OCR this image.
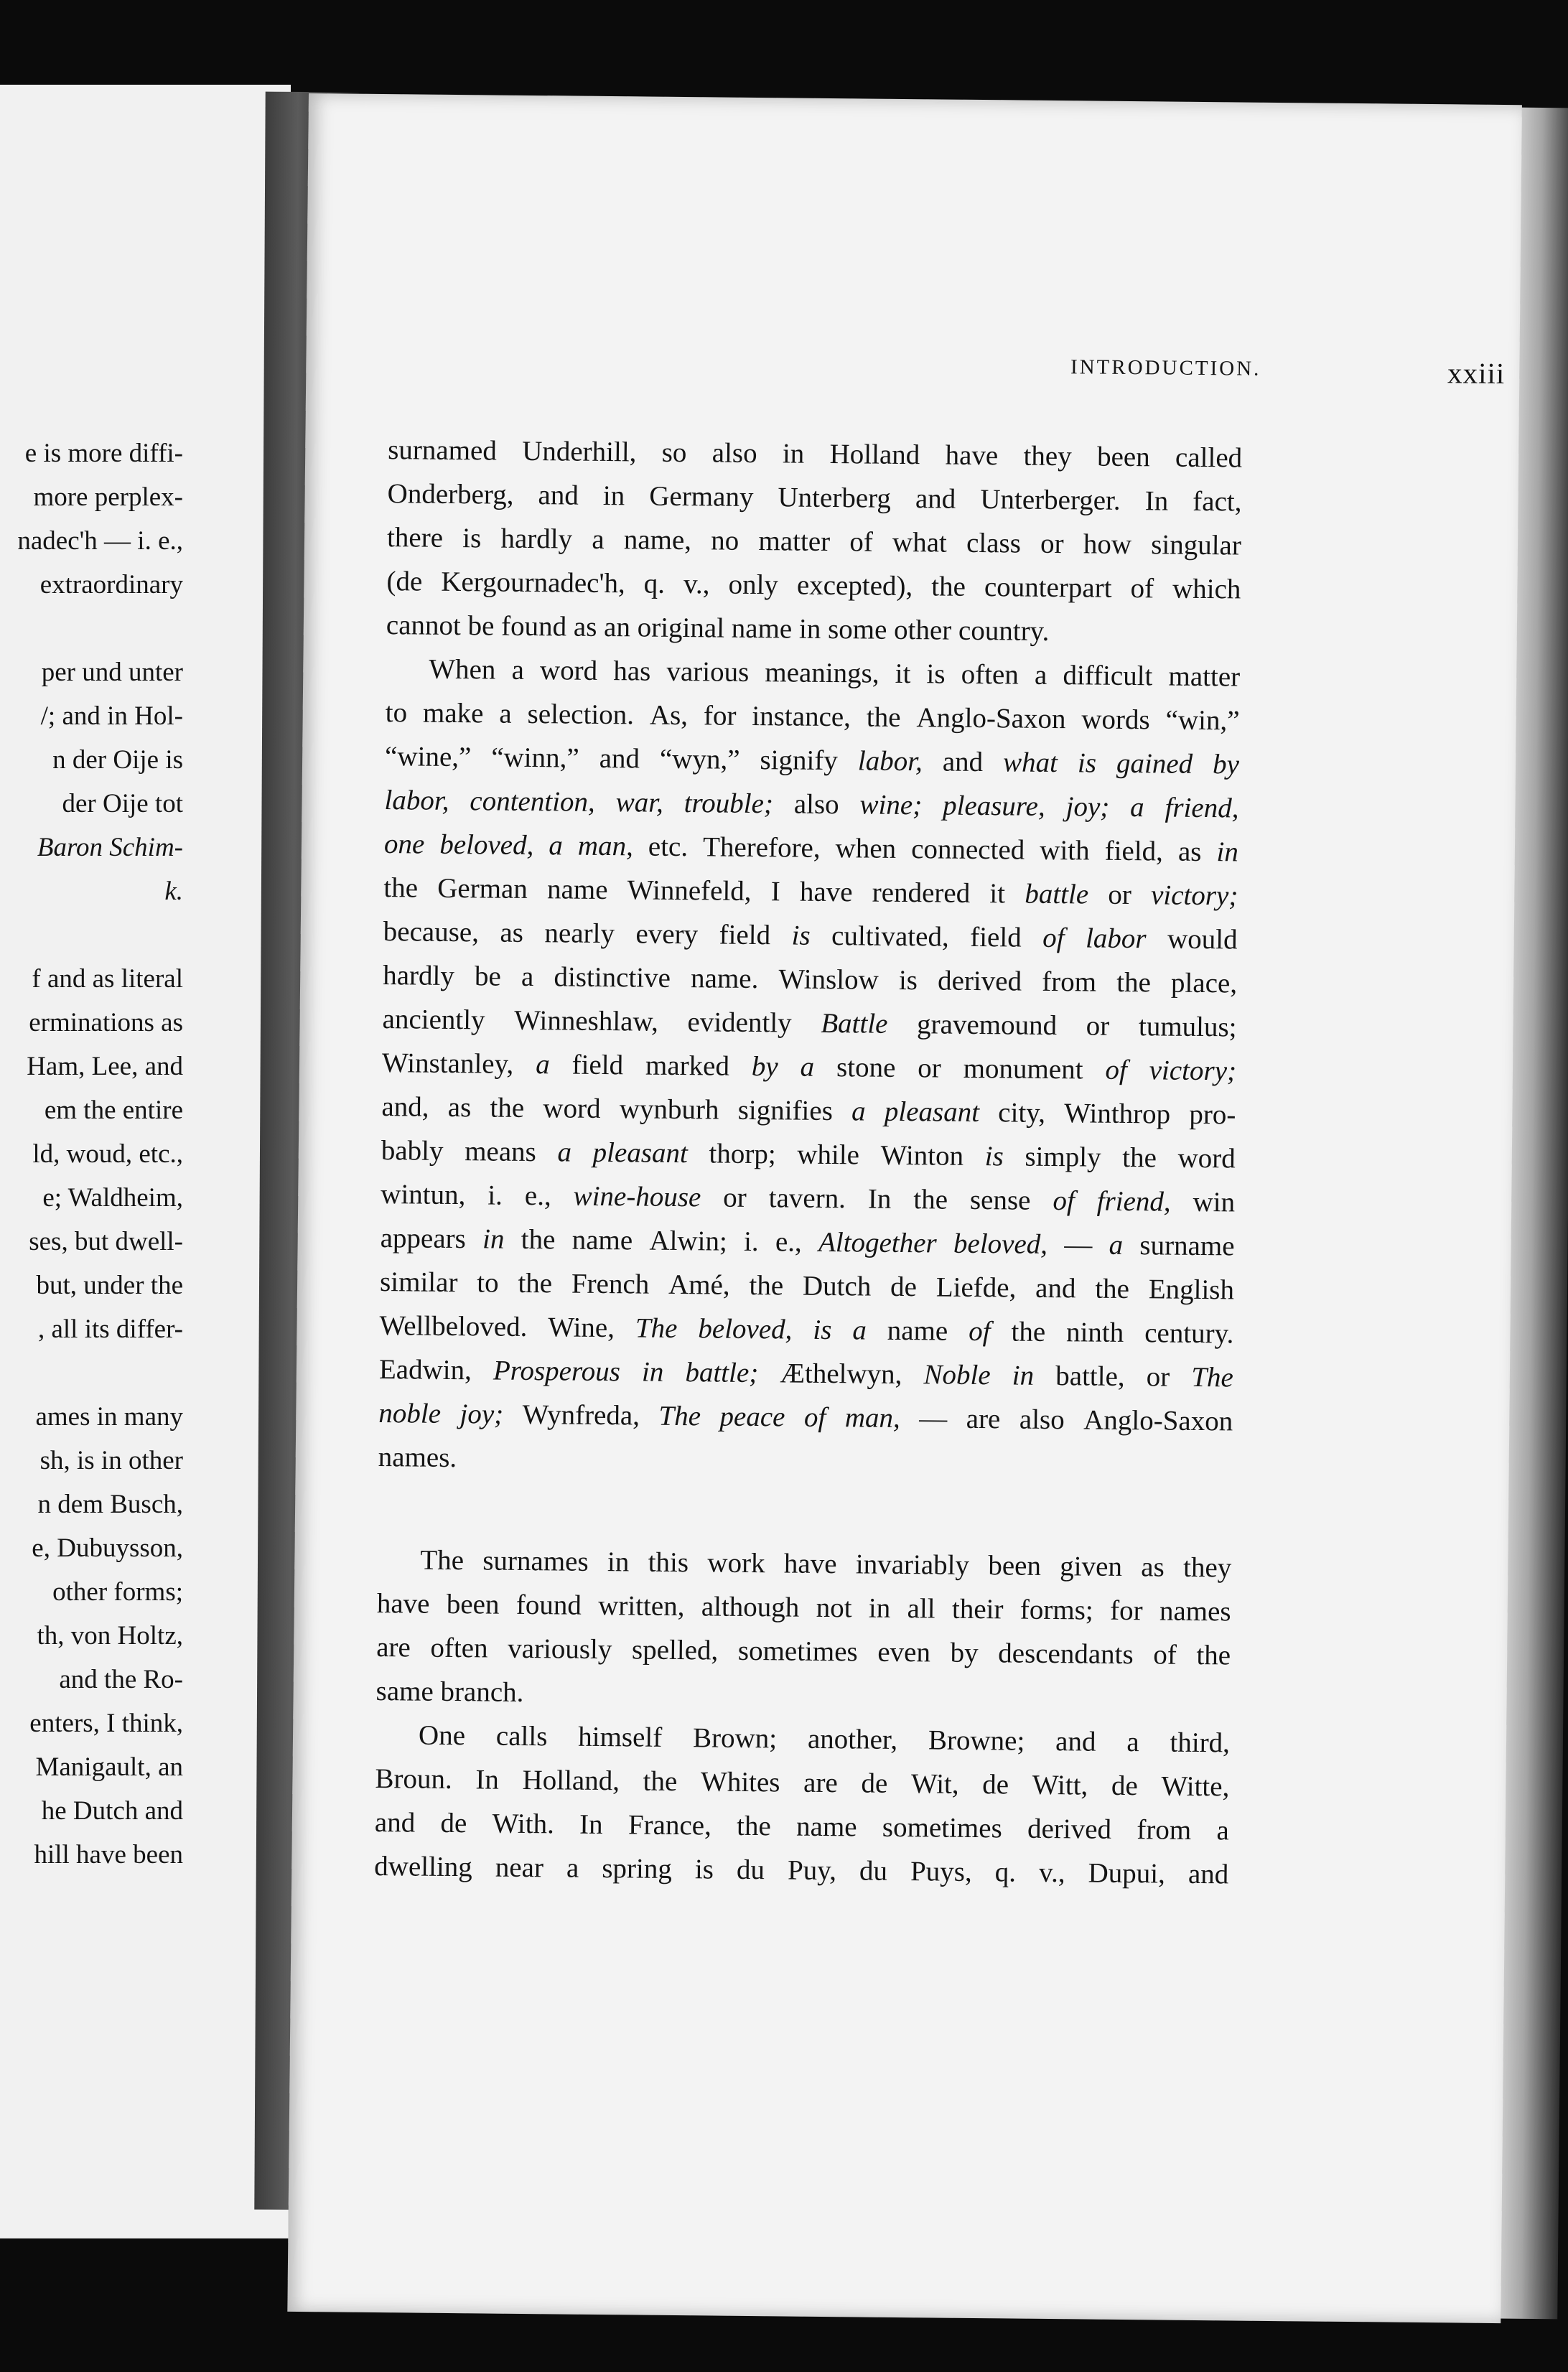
e is more diffi-
more perplex-
nadec'h — i. e.,
extraordinary
per und unter
/; and in Hol-
n der Oije is
der Oije tot
Baron Schim-
k.
f and as literal
erminations as
Ham, Lee, and
em the entire
ld, woud, etc.,
e; Waldheim,
ses, but dwell-
but, under the
, all its differ-
ames in many
sh, is in other
n dem Busch,
e, Dubuysson,
other forms;
th, von Holtz,
and the Ro-
enters, I think,
Manigault, an
he Dutch and
hill have been
INTRODUCTION.	xxiii
surnamed Underhill, so also in Holland have they been called
Onderberg, and in Germany Unterberg and Unterberger. In fact,
there is hardly a name, no matter of what class or how singular
(de Kergournadec'h, q. v., only excepted), the counterpart of which
cannot be found as an original name in some other country.
When a word has various meanings, it is often a difficult matter
to make a selection. As, for instance, the Anglo-Saxon words “win,”
“wine,” “winn,” and “wyn,” signify labor, and what is gained by
labor, contention, war, trouble; also wine; pleasure, joy; a friend,
one beloved, a man, etc. Therefore, when connected with field, as in
the German name Winnefeld, I have rendered it battle or victory;
because, as nearly every field is cultivated, field of labor would
hardly be a distinctive name. Winslow is derived from the place,
anciently Winneshlaw, evidently Battle gravemound or tumulus;
Winstanley, a field marked by a stone or monument of victory;
and, as the word wynburh signifies a pleasant city, Winthrop pro-
bably means a pleasant thorp; while Winton is simply the word
wintun, i. e., wine-house or tavern. In the sense of friend, win
appears in the name Alwin; i. e., Altogether beloved, — a surname
similar to the French Amé, the Dutch de Liefde, and the English
Wellbeloved. Wine, The beloved, is a name of the ninth century.
Eadwin, Prosperous in battle; Æthelwyn, Noble in battle, or The
noble joy; Wynfreda, The peace of man, — are also Anglo-Saxon
names.
The surnames in this work have invariably been given as they
have been found written, although not in all their forms; for names
are often variously spelled, sometimes even by descendants of the
same branch.
One calls himself Brown; another, Browne; and a third,
Broun. In Holland, the Whites are de Wit, de Witt, de Witte,
and de With. In France, the name sometimes derived from a
dwelling near a spring is du Puy, du Puys, q. v., Dupui, and
